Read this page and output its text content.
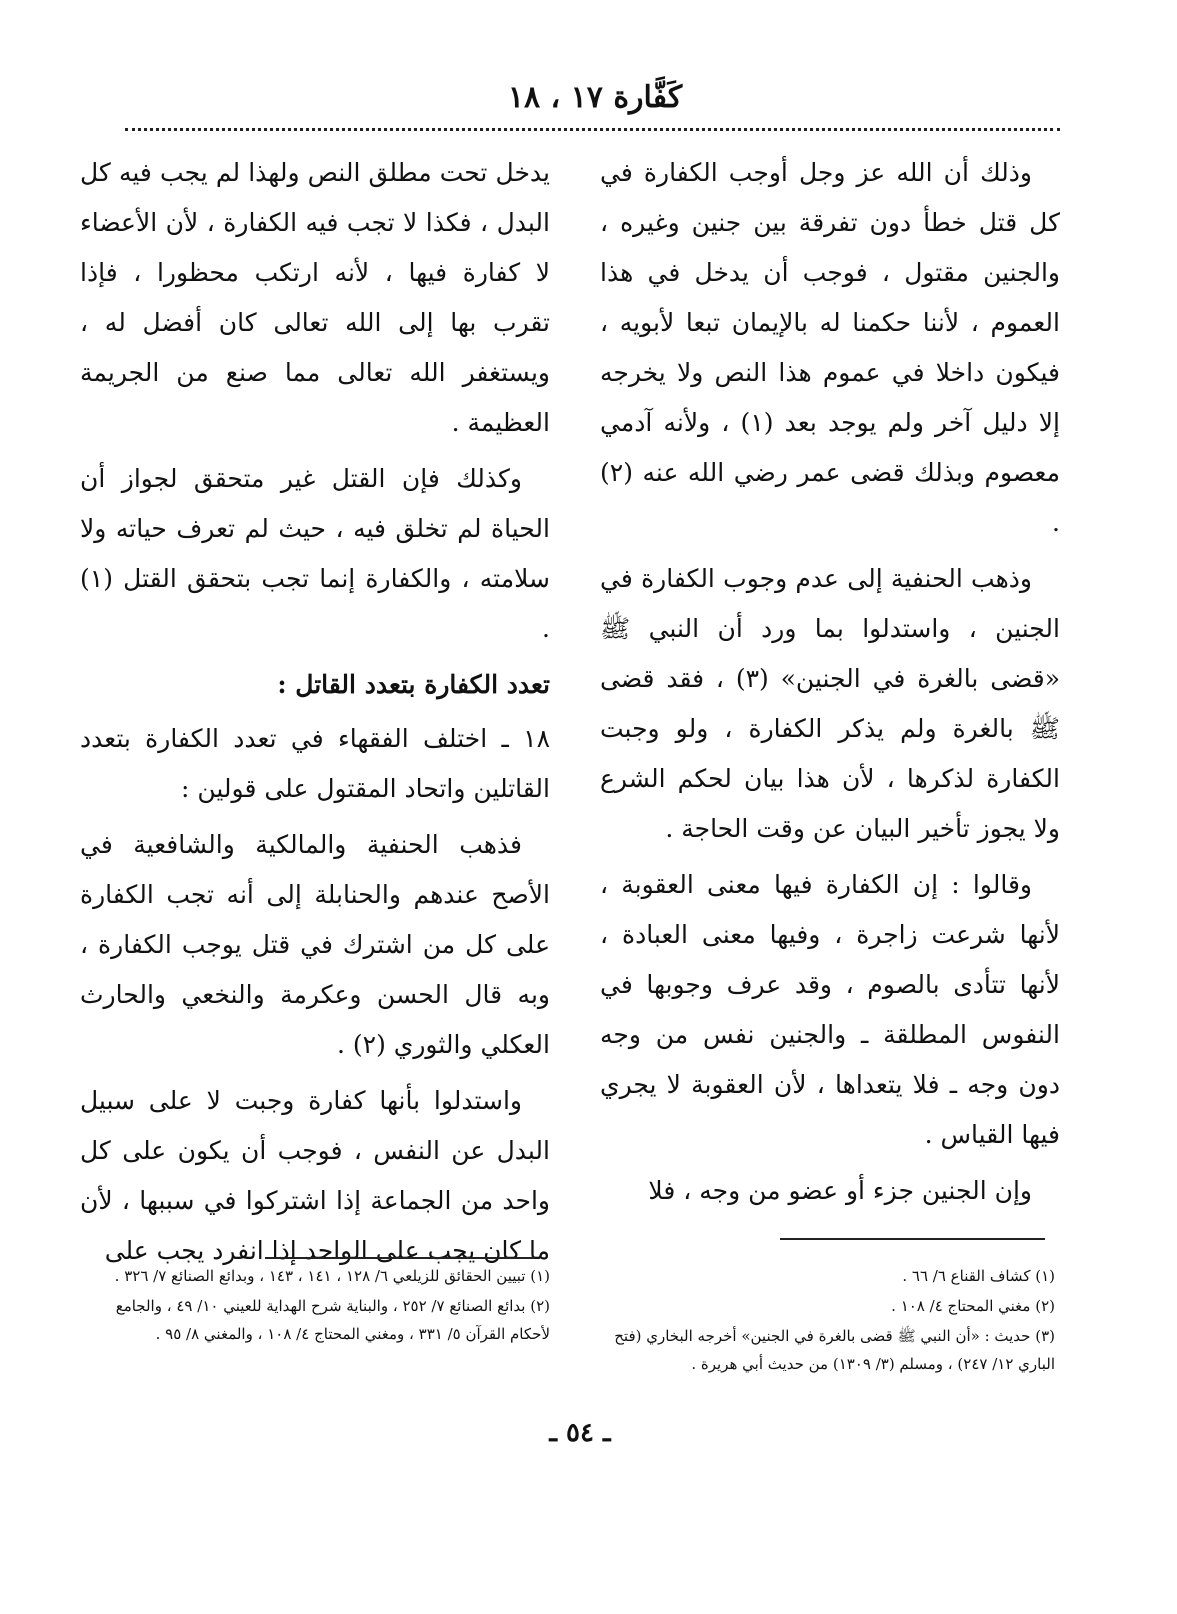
كَفَّارة ١٧ ، ١٨

وذلك أن الله عز وجل أوجب الكفارة في كل قتل خطأ دون تفرقة بين جنين وغيره ، والجنين مقتول ، فوجب أن يدخل في هذا العموم ، لأننا حكمنا له بالإيمان تبعا لأبويه ، فيكون داخلا في عموم هذا النص ولا يخرجه إلا دليل آخر ولم يوجد بعد (١) ، ولأنه آدمي معصوم وبذلك قضى عمر رضي الله عنه (٢) .

وذهب الحنفية إلى عدم وجوب الكفارة في الجنين ، واستدلوا بما ورد أن النبي ﷺ «قضى بالغرة في الجنين» (٣) ، فقد قضى ﷺ بالغرة ولم يذكر الكفارة ، ولو وجبت الكفارة لذكرها ، لأن هذا بيان لحكم الشرع ولا يجوز تأخير البيان عن وقت الحاجة .

وقالوا : إن الكفارة فيها معنى العقوبة ، لأنها شرعت زاجرة ، وفيها معنى العبادة ، لأنها تتأدى بالصوم ، وقد عرف وجوبها في النفوس المطلقة ـ والجنين نفس من وجه دون وجه ـ فلا يتعداها ، لأن العقوبة لا يجري فيها القياس .

وإن الجنين جزء أو عضو من وجه ، فلا

يدخل تحت مطلق النص ولهذا لم يجب فيه كل البدل ، فكذا لا تجب فيه الكفارة ، لأن الأعضاء لا كفارة فيها ، لأنه ارتكب محظورا ، فإذا تقرب بها إلى الله تعالى كان أفضل له ، ويستغفر الله تعالى مما صنع من الجريمة العظيمة .

وكذلك فإن القتل غير متحقق لجواز أن الحياة لم تخلق فيه ، حيث لم تعرف حياته ولا سلامته ، والكفارة إنما تجب بتحقق القتل (١) .

تعدد الكفارة بتعدد القاتل :

١٨ ـ اختلف الفقهاء في تعدد الكفارة بتعدد القاتلين واتحاد المقتول على قولين :

فذهب الحنفية والمالكية والشافعية في الأصح عندهم والحنابلة إلى أنه تجب الكفارة على كل من اشترك في قتل يوجب الكفارة ، وبه قال الحسن وعكرمة والنخعي والحارث العكلي والثوري (٢) .

واستدلوا بأنها كفارة وجبت لا على سبيل البدل عن النفس ، فوجب أن يكون على كل واحد من الجماعة إذا اشتركوا في سببها ، لأن ما كان يجب على الواحد إذا انفرد يجب على

(١) كشاف القناع ٦/ ٦٦ .

(٢) مغني المحتاج ٤/ ١٠٨ .

(٣) حديث : «أن النبي ﷺ قضى بالغرة في الجنين» أخرجه البخاري (فتح الباري ١٢/ ٢٤٧) ، ومسلم (٣/ ١٣٠٩) من حديث أبي هريرة .

(١) تبيين الحقائق للزيلعي ٦/ ١٢٨ ، ١٤١ ، ١٤٣ ، وبدائع الصنائع ٧/ ٣٢٦ .

(٢) بدائع الصنائع ٧/ ٢٥٢ ، والبناية شرح الهداية للعيني ١٠/ ٤٩ ، والجامع لأحكام القرآن ٥/ ٣٣١ ، ومغني المحتاج ٤/ ١٠٨ ، والمغني ٨/ ٩٥ .

ـ ٥٤ ـ
